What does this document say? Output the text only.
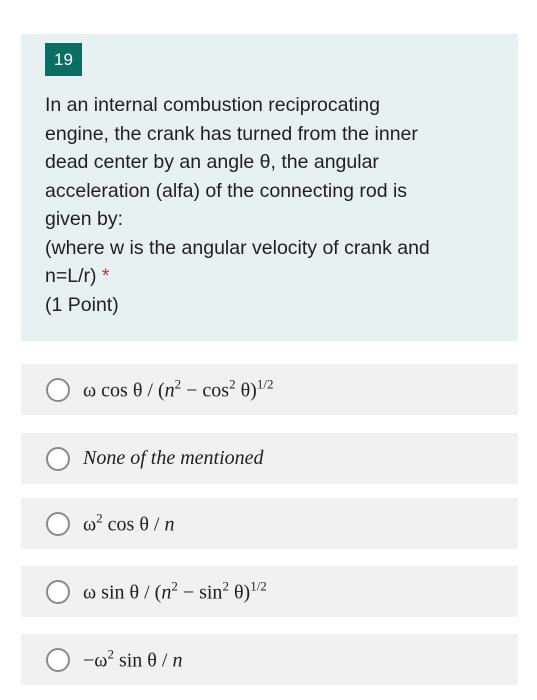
19
In an internal combustion reciprocating
engine, the crank has turned from the inner
dead center by an angle θ, the angular
acceleration (alfa) of the connecting rod is
given by:
(where w is the angular velocity of crank and
n=L/r) *
(1 Point)
ω $\cos \theta / (n^2 - \cos^2 \theta)^{1/2}$
None of the mentioned
$\omega^2$ cos θ / n
ω $\sin \theta / (n^2 - \sin^2 \theta)^{1/2}$
$-\omega^2$ sin θ / n
